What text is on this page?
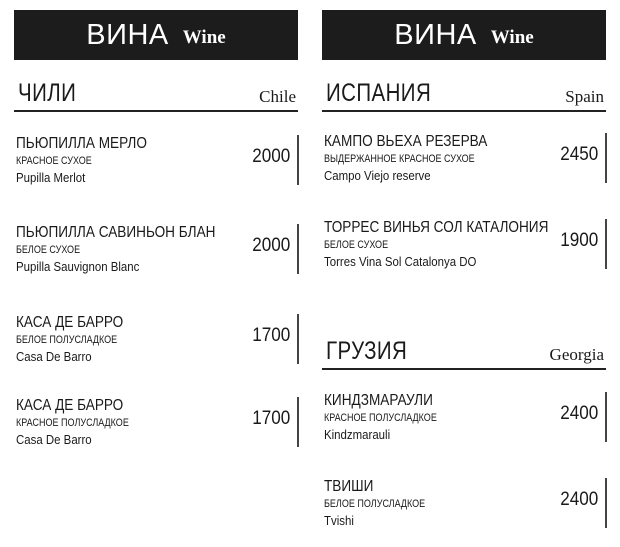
ВИНА Wine
ЧИЛИ	Chile
ПЬЮПИЛЛА МЕРЛО
КРАСНОЕ СУХОЕ
Pupilla Merlot
2000
ПЬЮПИЛЛА САВИНЬОН БЛАН
БЕЛОЕ СУХОЕ
Pupilla Sauvignon Blanc
2000
КАСА ДЕ БАРРО
БЕЛОЕ ПОЛУСЛАДКОЕ
Casa De Barro
1700
КАСА ДЕ БАРРО
КРАСНОЕ ПОЛУСЛАДКОЕ
Casa De Barro
1700
ВИНА Wine
ИСПАНИЯ	Spain
КАМПО ВЬЕХА РЕЗЕРВА
ВЫДЕРЖАННОЕ КРАСНОЕ СУХОЕ
Campo Viejo reserve
2450
ТОРРЕС ВИНЬЯ СОЛ КАТАЛОНИЯ
БЕЛОЕ СУХОЕ
Torres Vina Sol Catalonya DO
1900
ГРУЗИЯ	Georgia
КИНДЗМАРАУЛИ
КРАСНОЕ ПОЛУСЛАДКОЕ
Kindzmarauli
2400
ТВИШИ
БЕЛОЕ ПОЛУСЛАДКОЕ
Tvishi
2400
